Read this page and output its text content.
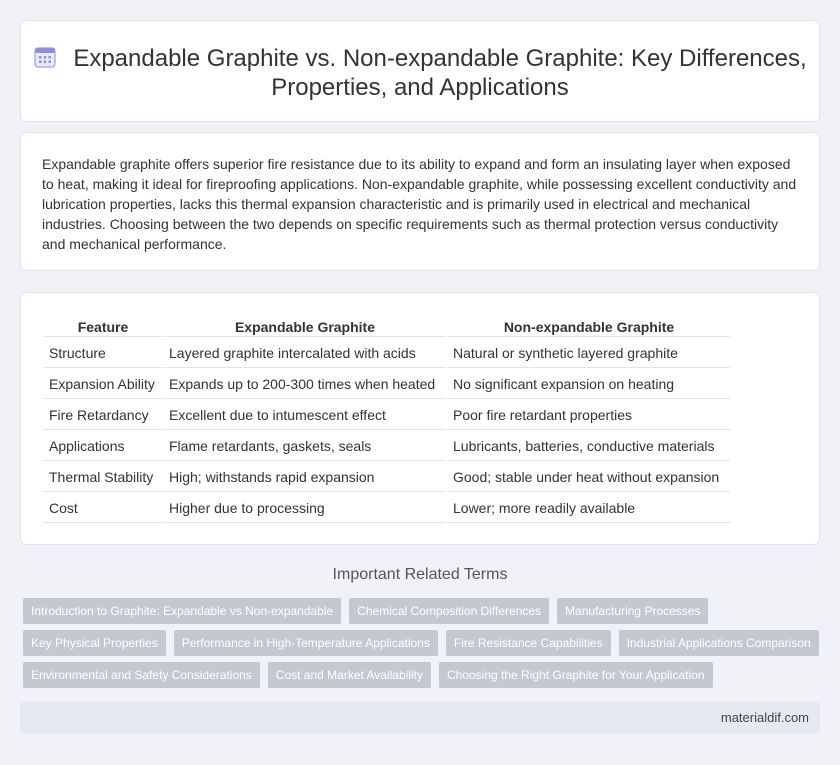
Expandable Graphite vs. Non-expandable Graphite: Key Differences, Properties, and Applications

Expandable graphite offers superior fire resistance due to its ability to expand and form an insulating layer when exposed to heat, making it ideal for fireproofing applications. Non-expandable graphite, while possessing excellent conductivity and lubrication properties, lacks this thermal expansion characteristic and is primarily used in electrical and mechanical industries. Choosing between the two depends on specific requirements such as thermal protection versus conductivity and mechanical performance.

Feature	Expandable Graphite	Non-expandable Graphite
Structure	Layered graphite intercalated with acids	Natural or synthetic layered graphite
Expansion Ability	Expands up to 200-300 times when heated	No significant expansion on heating
Fire Retardancy	Excellent due to intumescent effect	Poor fire retardant properties
Applications	Flame retardants, gaskets, seals	Lubricants, batteries, conductive materials
Thermal Stability	High; withstands rapid expansion	Good; stable under heat without expansion
Cost	Higher due to processing	Lower; more readily available
Important Related Terms
Introduction to Graphite: Expandable vs Non-expandable	Chemical Composition Differences	Manufacturing Processes
Key Physical Properties	Performance in High-Temperature Applications	Fire Resistance Capabilities	Industrial Applications Comparison
Environmental and Safety Considerations	Cost and Market Availability	Choosing the Right Graphite for Your Application
materialdif.com
